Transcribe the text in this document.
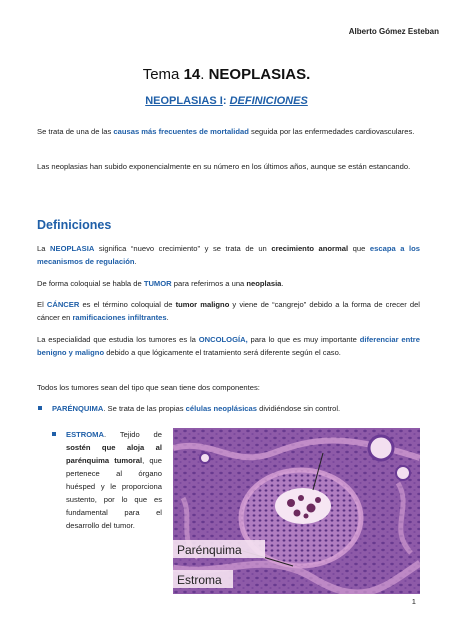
Alberto Gómez Esteban
Tema 14. NEOPLASIAS.
NEOPLASIAS I: DEFINICIONES
Se trata de una de las causas más frecuentes de mortalidad seguida por las enfermedades cardiovasculares.
Las neoplasias han subido exponencialmente en su número en los últimos años, aunque se están estancando.
Definiciones
La NEOPLASIA significa “nuevo crecimiento” y se trata de un crecimiento anormal que escapa a los mecanismos de regulación.
De forma coloquial se habla de TUMOR para referirnos a una neoplasia.
El CÁNCER es el término coloquial de tumor maligno y viene de “cangrejo” debido a la forma de crecer del cáncer en ramificaciones infiltrantes.
La especialidad que estudia los tumores es la ONCOLOGÍA, para lo que es muy importante diferenciar entre benigno y maligno debido a que lógicamente el tratamiento será diferente según el caso.
Todos los tumores sean del tipo que sean tiene dos componentes:
PARÉNQUIMA. Se trata de las propias células neoplásicas dividiéndose sin control.
ESTROMA. Tejido de sostén que aloja al parénquima tumoral, que pertenece al órgano huésped y le proporciona sustento, por lo que es fundamental para el desarrollo del tumor.
Parénquima
Estroma
1
